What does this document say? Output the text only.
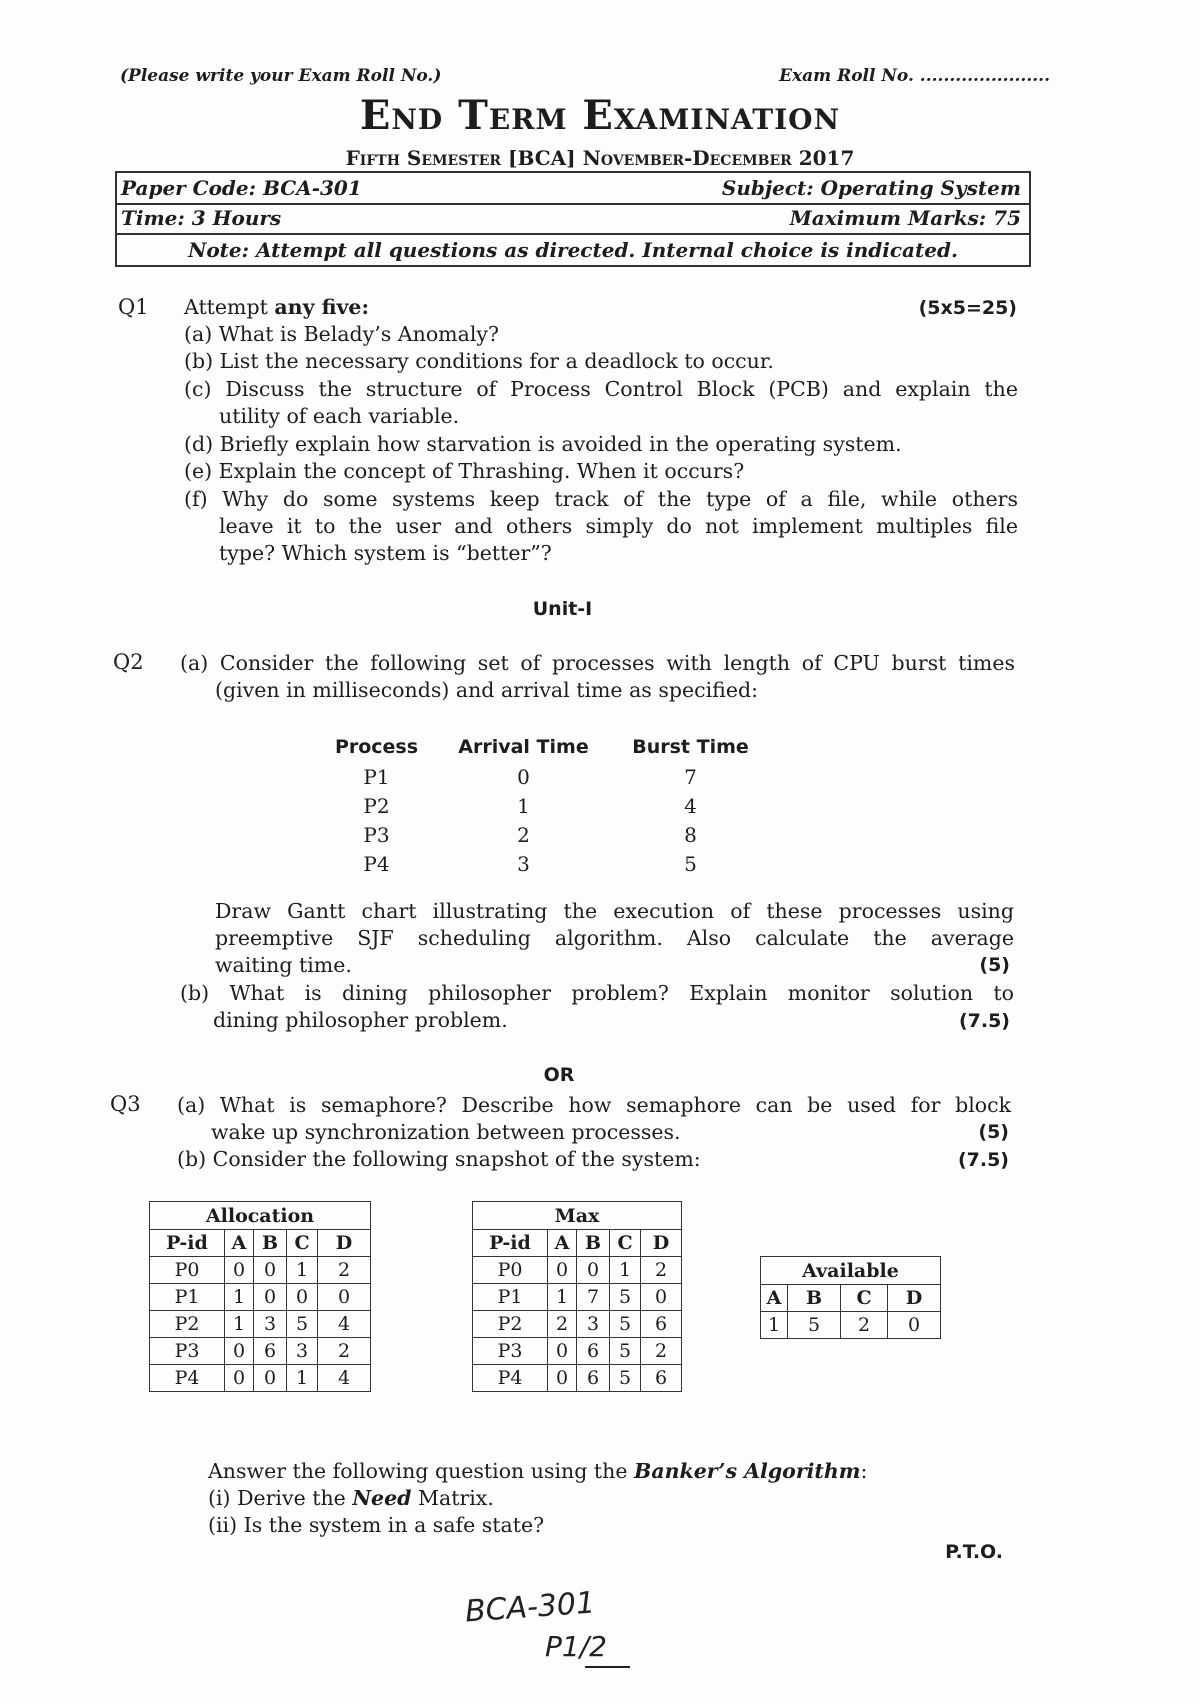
(Please write your Exam Roll No.)	Exam Roll No. ......................
End Term Examination
Fifth Semester [BCA] November-December 2017
Paper Code: BCA-301	Subject: Operating System
Time: 3 Hours	Maximum Marks: 75
Note: Attempt all questions as directed. Internal choice is indicated.
Q1 Attempt any five:	(5x5=25)
(a) What is Belady’s Anomaly?
(b) List the necessary conditions for a deadlock to occur.
(c) Discuss the structure of Process Control Block (PCB) and explain the
utility of each variable.
(d) Briefly explain how starvation is avoided in the operating system.
(e) Explain the concept of Thrashing. When it occurs?
(f) Why do some systems keep track of the type of a file, while others
leave it to the user and others simply do not implement multiples file
type? Which system is “better”?
Unit-I
Q2 (a) Consider the following set of processes with length of CPU burst times
(given in milliseconds) and arrival time as specified:
Process	Arrival Time	Burst Time
P1	0	7
P2	1	4
P3	2	8
P4	3	5
Draw Gantt chart illustrating the execution of these processes using
preemptive SJF scheduling algorithm. Also calculate the average
waiting time.	(5)
(b) What is dining philosopher problem? Explain monitor solution to
dining philosopher problem.	(7.5)
OR
Q3 (a) What is semaphore? Describe how semaphore can be used for block
wake up synchronization between processes.	(5)
(b) Consider the following snapshot of the system:	(7.5)
Allocation				
P-id	A	B	C	D
P0	0	0	1	2
P1	1	0	0	0
P2	1	3	5	4
P3	0	6	3	2
P4	0	0	1	4
Max				
P-id	A	B	C	D
P0	0	0	1	2
P1	1	7	5	0
P2	2	3	5	6
P3	0	6	5	2
P4	0	6	5	6
Available			
A	B	C	D
1	5	2	0
Answer the following question using the Banker’s Algorithm:
(i) Derive the Need Matrix.
(ii) Is the system in a safe state?
P.T.O.
BCA-301
P1/2
